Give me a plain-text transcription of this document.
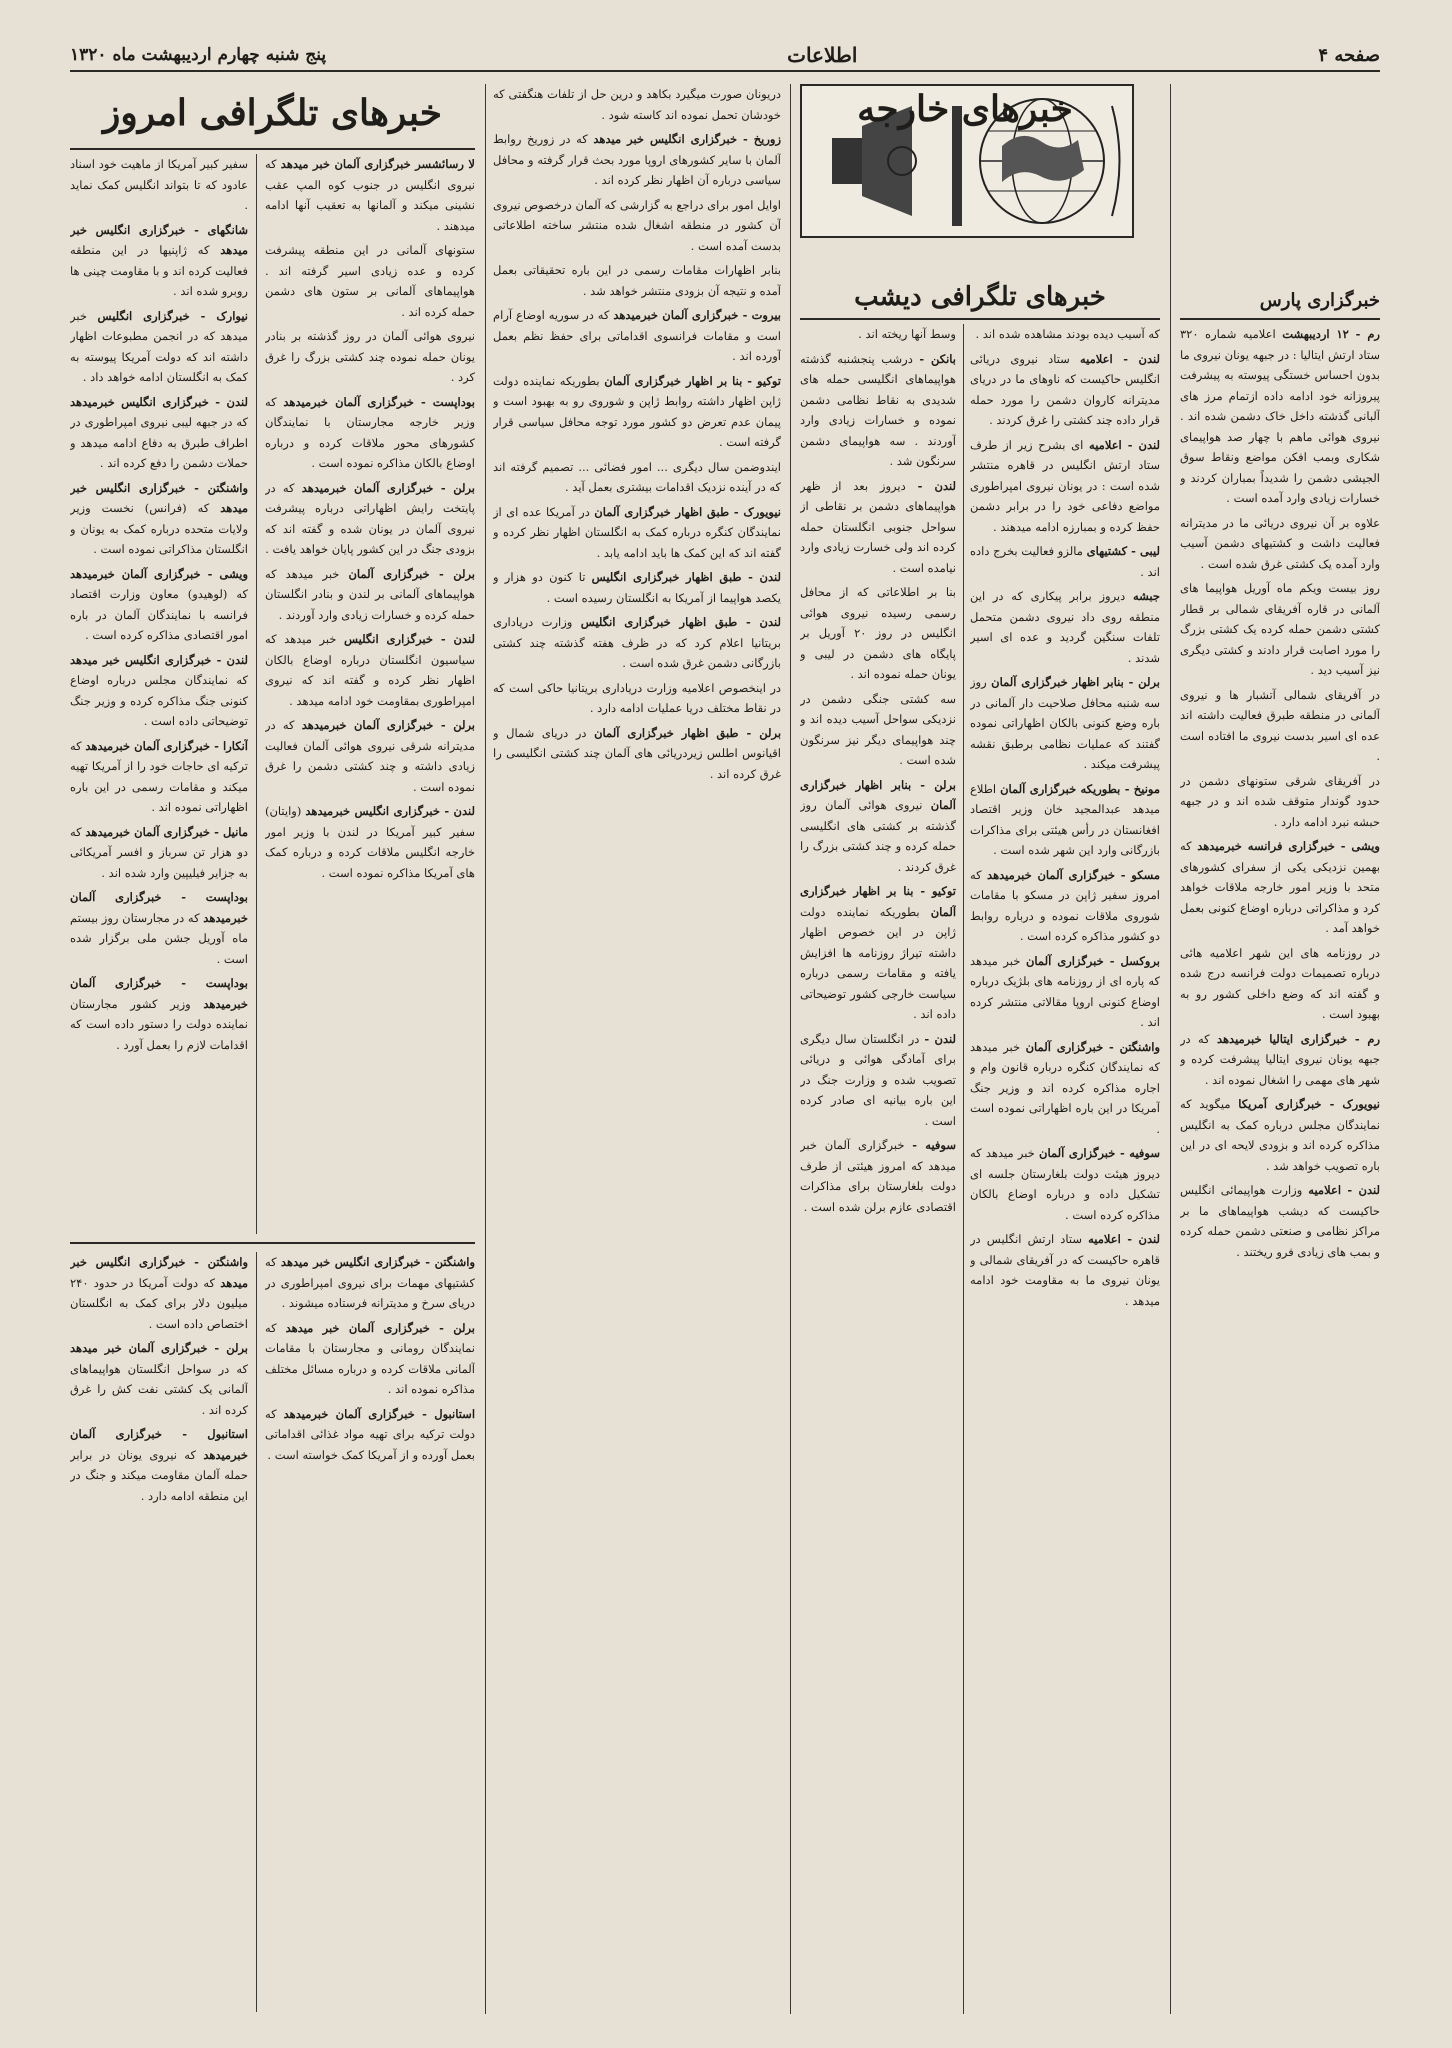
صفحه ۴
اطلاعات
پنج شنبه چهارم اردیبهشت ماه ۱۳۲۰
خبرهای خارجه
خبرگزاری پارس

رم - ۱۲ اردیبهشت اعلامیه شماره ۳۲۰ ستاد ارتش ایتالیا : در جبهه یونان نیروی ما بدون احساس خستگی پیوسته به پیشرفت پیروزانه خود ادامه داده ازتمام مرز های آلبانی گذشته داخل خاک دشمن شده اند . نیروی هوائی ماهم با چهار صد هواپیمای شکاری وبمب افکن مواضع ونقاط سوق الجیشی دشمن را شدیداً بمباران کردند و خسارات زیادی وارد آمده است .

علاوه بر آن نیروی دریائی ما در مدیترانه فعالیت داشت و کشتیهای دشمن آسیب وارد آمده یک کشتی غرق شده است .

روز بیست ویکم ماه آوریل هواپیما های آلمانی در قاره آفریقای شمالی بر قطار کشتی دشمن حمله کرده یک کشتی بزرگ را مورد اصابت قرار دادند و کشتی دیگری نیز آسیب دید .

در آفریقای شمالی آتشبار ها و نیروی آلمانی در منطقه طبرق فعالیت داشته اند عده ای اسیر بدست نیروی ما افتاده است .

در آفریقای شرقی ستونهای دشمن در حدود گوندار متوقف شده اند و در جبهه حبشه نبرد ادامه دارد .

ویشی - خبرگزاری فرانسه خبرمیدهد که بهمین نزدیکی یکی از سفرای کشورهای متحد با وزیر امور خارجه ملاقات خواهد کرد و مذاکراتی درباره اوضاع کنونی بعمل خواهد آمد .

در روزنامه های این شهر اعلامیه هائی درباره تصمیمات دولت فرانسه درج شده و گفته اند که وضع داخلی کشور رو به بهبود است .

رم - خبرگزاری ایتالیا خبرمیدهد که در جبهه یونان نیروی ایتالیا پیشرفت کرده و شهر های مهمی را اشغال نموده اند .

نیویورک - خبرگزاری آمریکا میگوید که نمایندگان مجلس درباره کمک به انگلیس مذاکره کرده اند و بزودی لایحه ای در این باره تصویب خواهد شد .

لندن - اعلامیه وزارت هواپیمائی انگلیس حاکیست که دیشب هواپیماهای ما بر مراکز نظامی و صنعتی دشمن حمله کرده و بمب های زیادی فرو ریختند .

خبرهای تلگرافی دیشب

که آسیب دیده بودند مشاهده شده اند .

لندن - اعلامیه ستاد نیروی دریائی انگلیس حاکیست که ناوهای ما در دریای مدیترانه کاروان دشمن را مورد حمله قرار داده چند کشتی را غرق کردند .

لندن - اعلامیه ای بشرح زیر از طرف ستاد ارتش انگلیس در قاهره منتشر شده است : در یونان نیروی امپراطوری مواضع دفاعی خود را در برابر دشمن حفظ کرده و بمبارزه ادامه میدهند .

لیبی - کشتیهای مالزو فعالیت بخرج داده اند .

جبشه دیروز برابر پیکاری که در این منطقه روی داد نیروی دشمن متحمل تلفات سنگین گردید و عده ای اسیر شدند .

برلن - بنابر اظهار خبرگزاری آلمان روز سه شنبه محافل صلاحیت دار آلمانی در باره وضع کنونی بالکان اظهاراتی نموده گفتند که عملیات نظامی برطبق نقشه پیشرفت میکند .

مونیخ - بطوریکه خبرگزاری آلمان اطلاع میدهد عبدالمجید خان وزیر اقتصاد افغانستان در رأس هیئتی برای مذاکرات بازرگانی وارد این شهر شده است .

مسکو - خبرگزاری آلمان خبرمیدهد که امروز سفیر ژاپن در مسکو با مقامات شوروی ملاقات نموده و درباره روابط دو کشور مذاکره کرده است .

بروکسل - خبرگزاری آلمان خبر میدهد که پاره ای از روزنامه های بلژیک درباره اوضاع کنونی اروپا مقالاتی منتشر کرده اند .

واشنگتن - خبرگزاری آلمان خبر میدهد که نمایندگان کنگره درباره قانون وام و اجاره مذاکره کرده اند و وزیر جنگ آمریکا در این باره اظهاراتی نموده است .

سوفیه - خبرگزاری آلمان خبر میدهد که دیروز هیئت دولت بلغارستان جلسه ای تشکیل داده و درباره اوضاع بالکان مذاکره کرده است .

لندن - اعلامیه ستاد ارتش انگلیس در قاهره حاکیست که در آفریقای شمالی و یونان نیروی ما به مقاومت خود ادامه میدهد .

وسط آنها ریخته اند .

بانکن - درشب پنجشنبه گذشته هواپیماهای انگلیسی حمله های شدیدی به نقاط نظامی دشمن نموده و خسارات زیادی وارد آوردند . سه هواپیمای دشمن سرنگون شد .

لندن - دیروز بعد از ظهر هواپیماهای دشمن بر نقاطی از سواحل جنوبی انگلستان حمله کرده اند ولی خسارت زیادی وارد نیامده است .

بنا بر اطلاعاتی که از محافل رسمی رسیده نیروی هوائی انگلیس در روز ۲۰ آوریل بر پایگاه های دشمن در لیبی و یونان حمله نموده اند .

سه کشتی جنگی دشمن در نزدیکی سواحل آسیب دیده اند و چند هواپیمای دیگر نیز سرنگون شده است .

برلن - بنابر اظهار خبرگزاری آلمان نیروی هوائی آلمان روز گذشته بر کشتی های انگلیسی حمله کرده و چند کشتی بزرگ را غرق کردند .

توکیو - بنا بر اظهار خبرگزاری آلمان بطوریکه نماینده دولت ژاپن در این خصوص اظهار داشته تیراژ روزنامه ها افزایش یافته و مقامات رسمی درباره سیاست خارجی کشور توضیحاتی داده اند .

لندن - در انگلستان سال دیگری برای آمادگی هوائی و دریائی تصویب شده و وزارت جنگ در این باره بیانیه ای صادر کرده است .

سوفیه - خبرگزاری آلمان خبر میدهد که امروز هیئتی از طرف دولت بلغارستان برای مذاکرات اقتصادی عازم برلن شده است .

دریونان صورت میگیرد بکاهد و درین حل از تلفات هنگفتی که خودشان تحمل نموده اند کاسته شود .

زوریخ - خبرگزاری انگلیس خبر میدهد که در زوریخ روابط آلمان با سایر کشورهای اروپا مورد بحث قرار گرفته و محافل سیاسی درباره آن اظهار نظر کرده اند .

اوایل امور برای دراجع به گزارشی که آلمان درخصوص نیروی آن کشور در منطقه اشغال شده منتشر ساخته اطلاعاتی بدست آمده است .

بنابر اظهارات مقامات رسمی در این باره تحقیقاتی بعمل آمده و نتیجه آن بزودی منتشر خواهد شد .

بیروت - خبرگزاری آلمان خبرمیدهد که در سوریه اوضاع آرام است و مقامات فرانسوی اقداماتی برای حفظ نظم بعمل آورده اند .

توکیو - بنا بر اظهار خبرگزاری آلمان بطوریکه نماینده دولت ژاپن اظهار داشته روابط ژاپن و شوروی رو به بهبود است و پیمان عدم تعرض دو کشور مورد توجه محافل سیاسی قرار گرفته است .

ایندوضمن سال دیگری ... امور فضائی ... تصمیم گرفته اند که در آینده نزدیک اقدامات بیشتری بعمل آید .

نیویورک - طبق اظهار خبرگزاری آلمان در آمریکا عده ای از نمایندگان کنگره درباره کمک به انگلستان اظهار نظر کرده و گفته اند که این کمک ها باید ادامه یابد .

لندن - طبق اظهار خبرگزاری انگلیس تا کنون دو هزار و یکصد هواپیما از آمریکا به انگلستان رسیده است .

لندن - طبق اظهار خبرگزاری انگلیس وزارت دریاداری بریتانیا اعلام کرد که در ظرف هفته گذشته چند کشتی بازرگانی دشمن غرق شده است .

در اینخصوص اعلامیه وزارت دریاداری بریتانیا حاکی است که در نقاط مختلف دریا عملیات ادامه دارد .

برلن - طبق اظهار خبرگزاری آلمان در دریای شمال و اقیانوس اطلس زیردریائی های آلمان چند کشتی انگلیسی را غرق کرده اند .

خبرهای تلگرافی امروز

لا رسائشسر خبرگزاری آلمان خبر میدهد که نیروی انگلیس در جنوب کوه المپ عقب نشینی میکند و آلمانها به تعقیب آنها ادامه میدهند .

ستونهای آلمانی در این منطقه پیشرفت کرده و عده زیادی اسیر گرفته اند . هواپیماهای آلمانی بر ستون های دشمن حمله کرده اند .

نیروی هوائی آلمان در روز گذشته بر بنادر یونان حمله نموده چند کشتی بزرگ را غرق کرد .

بوداپست - خبرگزاری آلمان خبرمیدهد که وزیر خارجه مجارستان با نمایندگان کشورهای محور ملاقات کرده و درباره اوضاع بالکان مذاکره نموده است .

برلن - خبرگزاری آلمان خبرمیدهد که در پایتخت رایش اظهاراتی درباره پیشرفت نیروی آلمان در یونان شده و گفته اند که بزودی جنگ در این کشور پایان خواهد یافت .

برلن - خبرگزاری آلمان خبر میدهد که هواپیماهای آلمانی بر لندن و بنادر انگلستان حمله کرده و خسارات زیادی وارد آوردند .

لندن - خبرگزاری انگلیس خبر میدهد که سیاسیون انگلستان درباره اوضاع بالکان اظهار نظر کرده و گفته اند که نیروی امپراطوری بمقاومت خود ادامه میدهد .

برلن - خبرگزاری آلمان خبرمیدهد که در مدیترانه شرقی نیروی هوائی آلمان فعالیت زیادی داشته و چند کشتی دشمن را غرق نموده است .

لندن - خبرگزاری انگلیس خبرمیدهد (وایتان) سفیر کبیر آمریکا در لندن با وزیر امور خارجه انگلیس ملاقات کرده و درباره کمک های آمریکا مذاکره نموده است .

سفیر کبیر آمریکا از ماهیت خود اسناد عادود که تا بتواند انگلیس کمک نماید .

شانگهای - خبرگزاری انگلیس خبر میدهد که ژاپنیها در این منطقه فعالیت کرده اند و با مقاومت چینی ها روبرو شده اند .

نیوارک - خبرگزاری انگلیس خبر میدهد که در انجمن مطبوعات اظهار داشته اند که دولت آمریکا پیوسته به کمک به انگلستان ادامه خواهد داد .

لندن - خبرگزاری انگلیس خبرمیدهد که در جبهه لیبی نیروی امپراطوری در اطراف طبرق به دفاع ادامه میدهد و حملات دشمن را دفع کرده اند .

واشنگتن - خبرگزاری انگلیس خبر میدهد که (فرانس) نخست وزیر ولایات متحده درباره کمک به یونان و انگلستان مذاکراتی نموده است .

ویشی - خبرگزاری آلمان خبرمیدهد که (لوهیدو) معاون وزارت اقتصاد فرانسه با نمایندگان آلمان در باره امور اقتصادی مذاکره کرده است .

لندن - خبرگزاری انگلیس خبر میدهد که نمایندگان مجلس درباره اوضاع کنونی جنگ مذاکره کرده و وزیر جنگ توضیحاتی داده است .

آنکارا - خبرگزاری آلمان خبرمیدهد که ترکیه ای حاجات خود را از آمریکا تهیه میکند و مقامات رسمی در این باره اظهاراتی نموده اند .

مانیل - خبرگزاری آلمان خبرمیدهد که دو هزار تن سرباز و افسر آمریکائی به جزایر فیلیپین وارد شده اند .

بوداپست - خبرگزاری آلمان خبرمیدهد که در مجارستان روز بیستم ماه آوریل جشن ملی برگزار شده است .

بوداپست - خبرگزاری آلمان خبرمیدهد وزیر کشور مجارستان نماینده دولت را دستور داده است که اقدامات لازم را بعمل آورد .

واشنگتن - خبرگزاری انگلیس خبر میدهد که کشتیهای مهمات برای نیروی امپراطوری در دریای سرخ و مدیترانه فرستاده میشوند .

برلن - خبرگزاری آلمان خبر میدهد که نمایندگان رومانی و مجارستان با مقامات آلمانی ملاقات کرده و درباره مسائل مختلف مذاکره نموده اند .

استانبول - خبرگزاری آلمان خبرمیدهد که دولت ترکیه برای تهیه مواد غذائی اقداماتی بعمل آورده و از آمریکا کمک خواسته است .

واشنگتن - خبرگزاری انگلیس خبر میدهد که دولت آمریکا در حدود ۲۴۰ میلیون دلار برای کمک به انگلستان اختصاص داده است .

برلن - خبرگزاری آلمان خبر میدهد که در سواحل انگلستان هواپیماهای آلمانی یک کشتی نفت کش را غرق کرده اند .

استانبول - خبرگزاری آلمان خبرمیدهد که نیروی یونان در برابر حمله آلمان مقاومت میکند و جنگ در این منطقه ادامه دارد .
